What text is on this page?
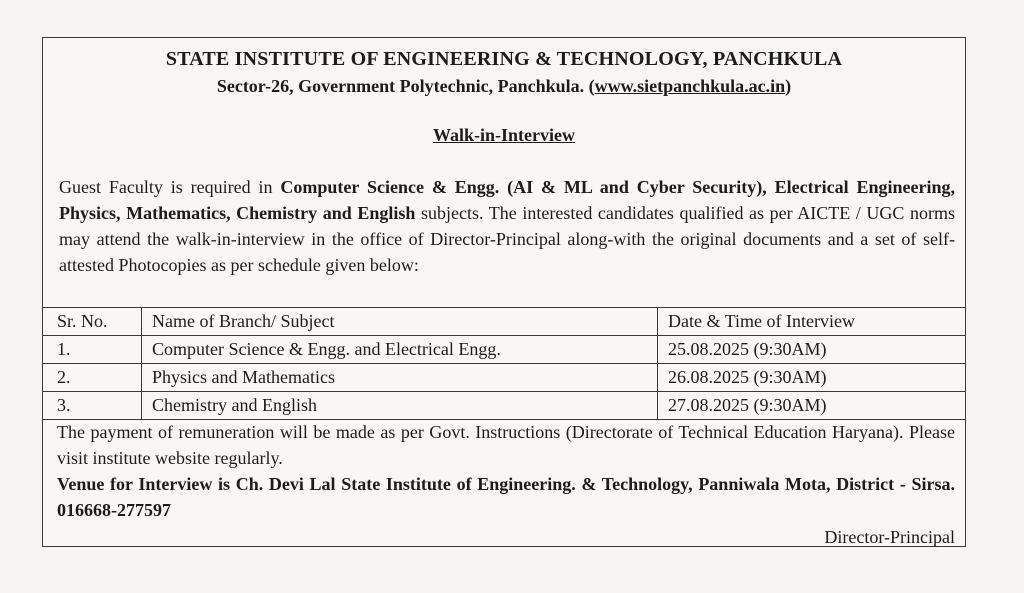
STATE INSTITUTE OF ENGINEERING & TECHNOLOGY, PANCHKULA
Sector-26, Government Polytechnic, Panchkula. (www.sietpanchkula.ac.in)
Walk-in-Interview
Guest Faculty is required in Computer Science & Engg. (AI & ML and Cyber Security), Electrical Engineering, Physics, Mathematics, Chemistry and English subjects. The interested candidates qualified as per AICTE / UGC norms may attend the walk-in-interview in the office of Director-Principal along-with the original documents and a set of self-attested Photocopies as per schedule given below:
Sr. No.	Name of Branch/ Subject	Date & Time of Interview
1.	Computer Science & Engg. and Electrical Engg.	25.08.2025 (9:30AM)
2.	Physics and Mathematics	26.08.2025 (9:30AM)
3.	Chemistry and English	27.08.2025 (9:30AM)
The payment of remuneration will be made as per Govt. Instructions (Directorate of Technical Education Haryana). Please visit institute website regularly.
Venue for Interview is Ch. Devi Lal State Institute of Engineering. & Technology, Panniwala Mota, District - Sirsa. 016668-277597
Director-Principal
